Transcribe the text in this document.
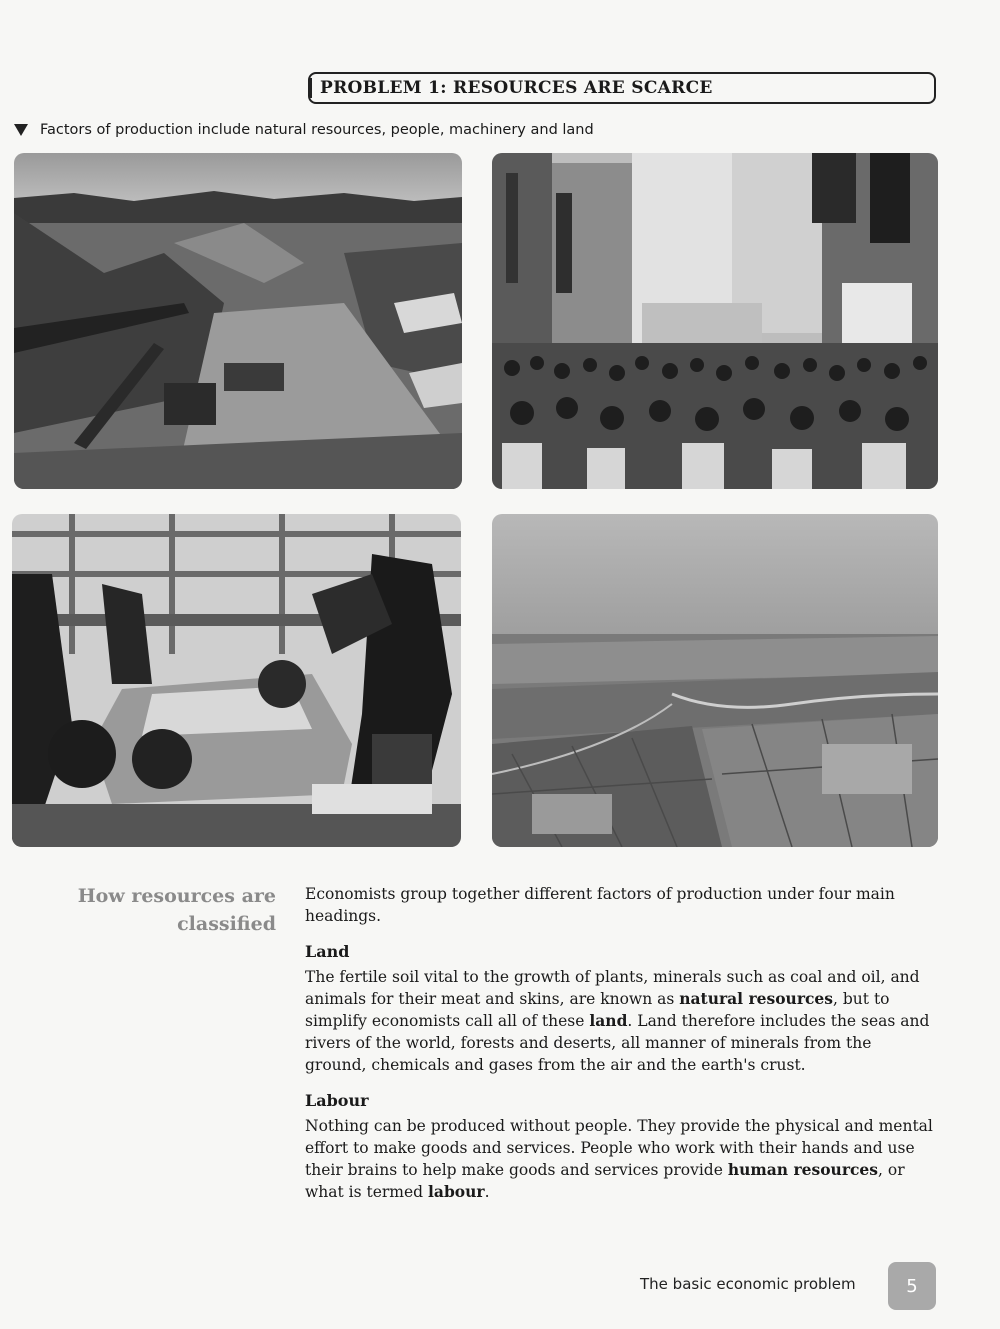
PROBLEM 1: RESOURCES ARE SCARCE
Factors of production include natural resources, people, machinery and land
How resources are
classified

Economists group together different factors of production under four main headings.

Land

The fertile soil vital to the growth of plants, minerals such as coal and oil, and animals for their meat and skins, are known as natural resources, but to simplify economists call all of these land. Land therefore includes the seas and rivers of the world, forests and deserts, all manner of minerals from the ground, chemicals and gases from the air and the earth's crust.

Labour

Nothing can be produced without people. They provide the physical and mental effort to make goods and services. People who work with their hands and use their brains to help make goods and services provide human resources, or what is termed labour.

The basic economic problem	5
